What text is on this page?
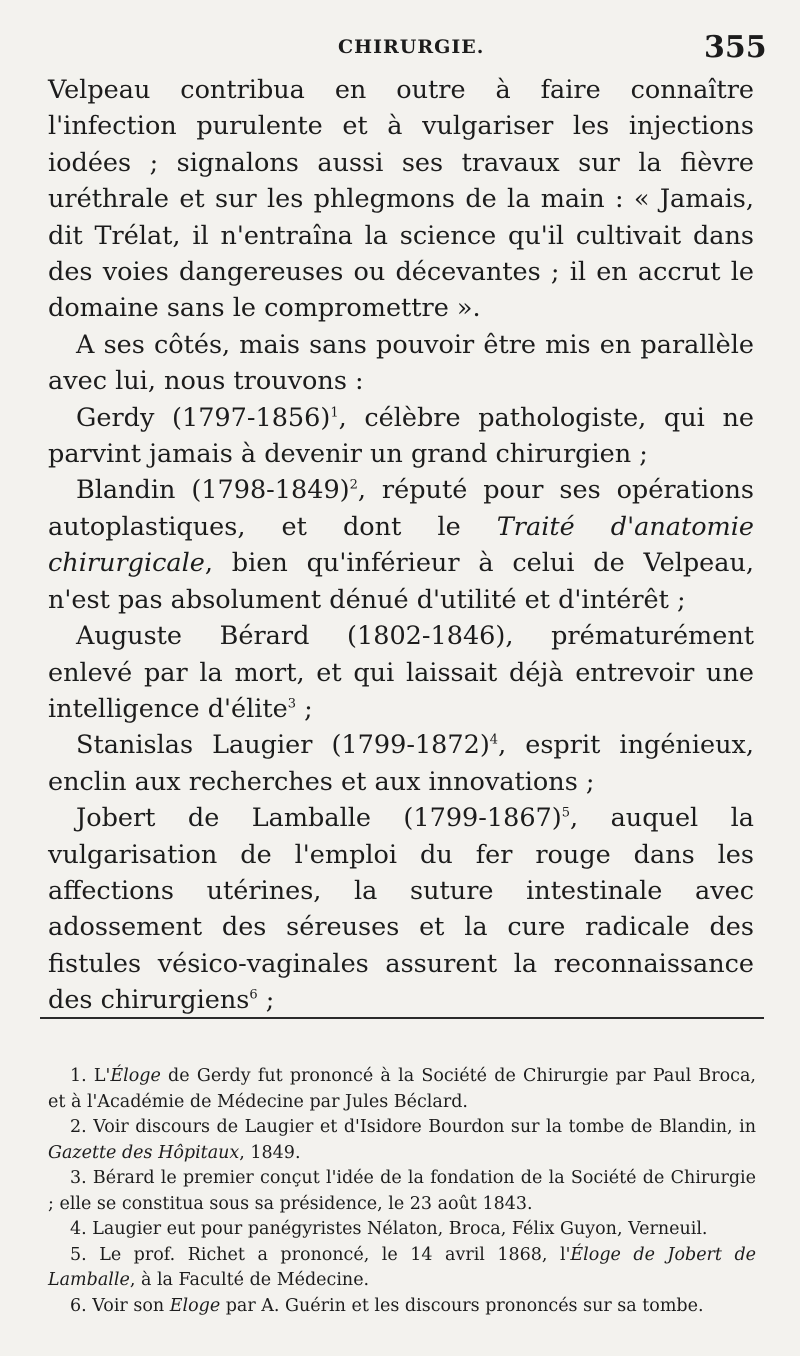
CHIRURGIE.	355

Velpeau contribua en outre à faire connaître l'infection purulente et à vulgariser les injections iodées ; signalons aussi ses travaux sur la fièvre uréthrale et sur les phlegmons de la main : « Jamais, dit Trélat, il n'entraîna la science qu'il cultivait dans des voies dangereuses ou décevantes ; il en accrut le domaine sans le compromettre ».

A ses côtés, mais sans pouvoir être mis en parallèle avec lui, nous trouvons :

Gerdy (1797-1856)$^1$, célèbre pathologiste, qui ne parvint jamais à devenir un grand chirurgien ;

Blandin (1798-1849)$^2$, réputé pour ses opérations autoplastiques, et dont le Traité d'anatomie chirurgicale, bien qu'inférieur à celui de Velpeau, n'est pas absolument dénué d'utilité et d'intérêt ;

Auguste Bérard (1802-1846), prématurément enlevé par la mort, et qui laissait déjà entrevoir une intelligence d'élite$^3$ ;

Stanislas Laugier (1799-1872)$^4$, esprit ingénieux, enclin aux recherches et aux innovations ;

Jobert de Lamballe (1799-1867)$^5$, auquel la vulgarisation de l'emploi du fer rouge dans les affections utérines, la suture intestinale avec adossement des séreuses et la cure radicale des fistules vésico-vaginales assurent la reconnaissance des chirurgiens$^6$ ;

1. L'Éloge de Gerdy fut prononcé à la Société de Chirurgie par Paul Broca, et à l'Académie de Médecine par Jules Béclard.

2. Voir discours de Laugier et d'Isidore Bourdon sur la tombe de Blandin, in Gazette des Hôpitaux, 1849.

3. Bérard le premier conçut l'idée de la fondation de la Société de Chirurgie ; elle se constitua sous sa présidence, le 23 août 1843.

4. Laugier eut pour panégyristes Nélaton, Broca, Félix Guyon, Verneuil.

5. Le prof. Richet a prononcé, le 14 avril 1868, l'Éloge de Jobert de Lamballe, à la Faculté de Médecine.

6. Voir son Eloge par A. Guérin et les discours prononcés sur sa tombe.
